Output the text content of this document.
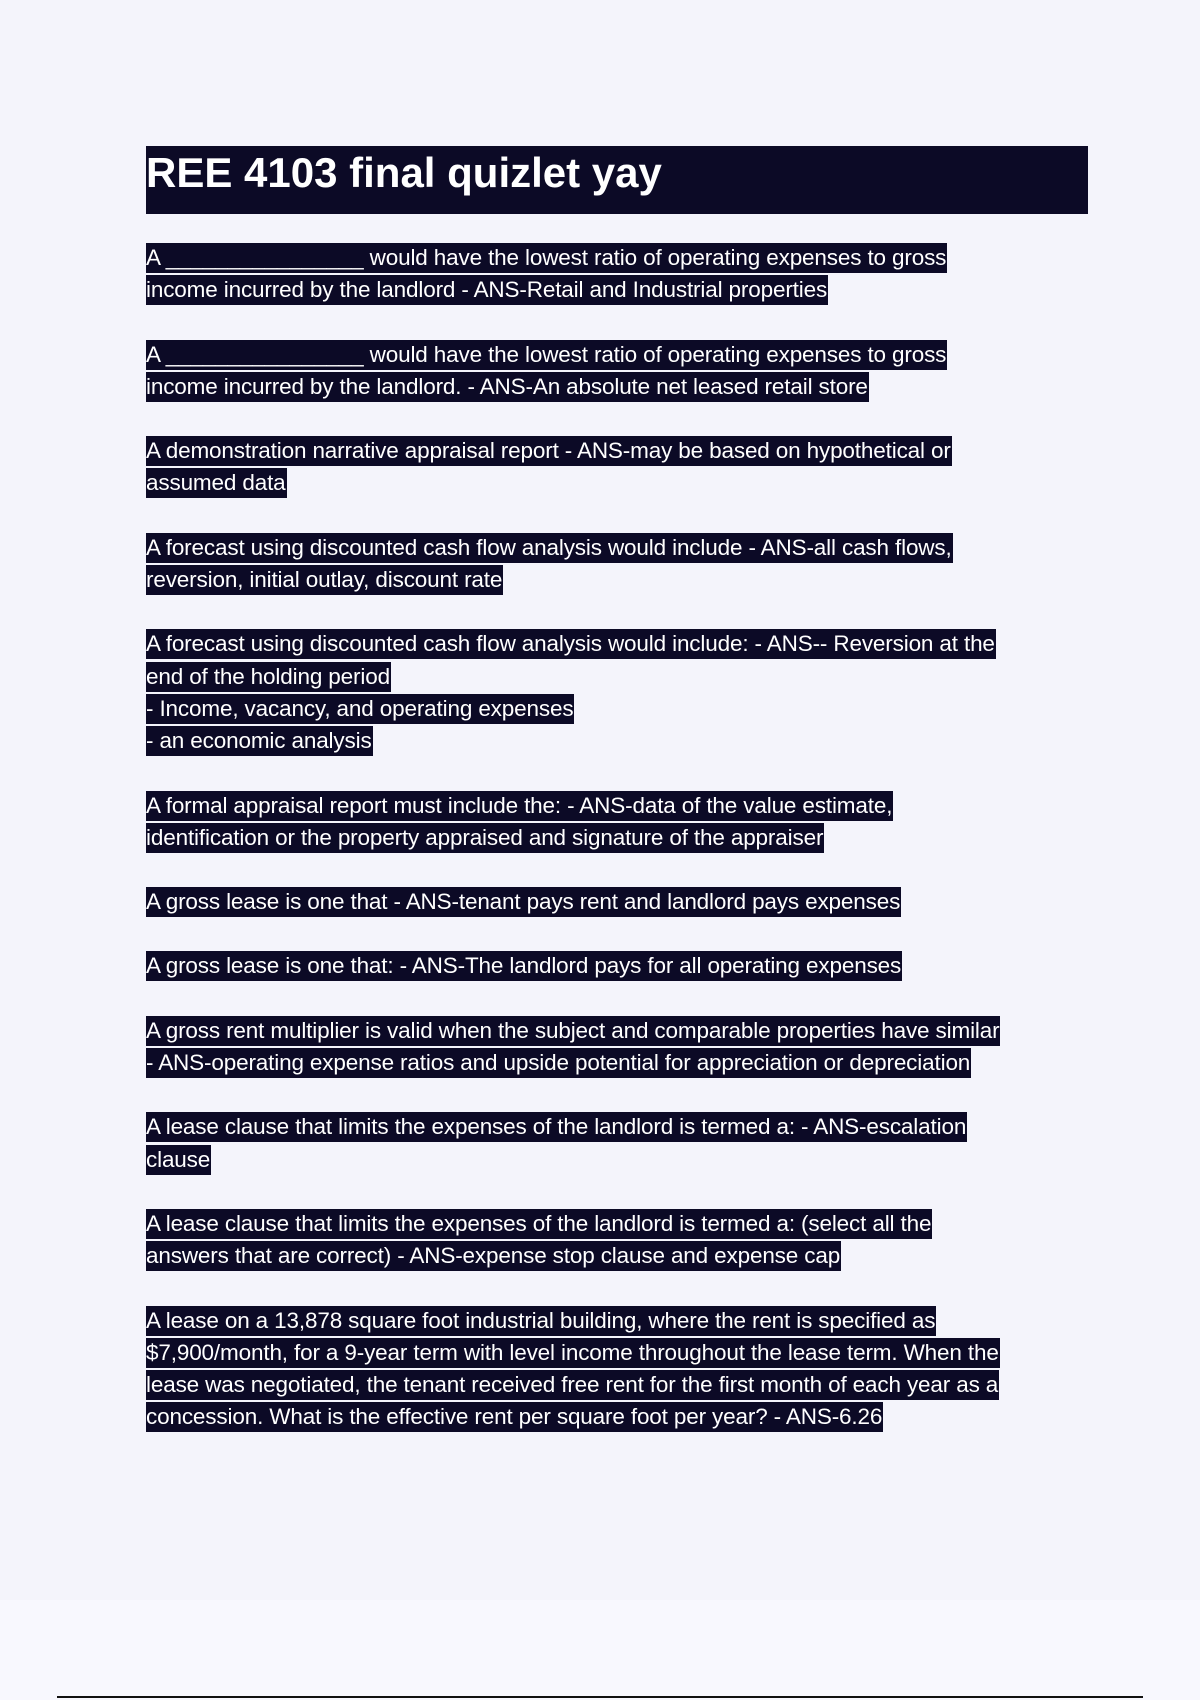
REE 4103 final quizlet yay
A ________________ would have the lowest ratio of operating expenses to gross
income incurred by the landlord - ANS-Retail and Industrial properties
A ________________ would have the lowest ratio of operating expenses to gross
income incurred by the landlord. - ANS-An absolute net leased retail store
A demonstration narrative appraisal report - ANS-may be based on hypothetical or
assumed data
A forecast using discounted cash flow analysis would include - ANS-all cash flows,
reversion, initial outlay, discount rate
A forecast using discounted cash flow analysis would include: - ANS-- Reversion at the
end of the holding period
- Income, vacancy, and operating expenses
- an economic analysis
A formal appraisal report must include the: - ANS-data of the value estimate,
identification or the property appraised and signature of the appraiser
A gross lease is one that - ANS-tenant pays rent and landlord pays expenses
A gross lease is one that: - ANS-The landlord pays for all operating expenses
A gross rent multiplier is valid when the subject and comparable properties have similar
- ANS-operating expense ratios and upside potential for appreciation or depreciation
A lease clause that limits the expenses of the landlord is termed a: - ANS-escalation
clause
A lease clause that limits the expenses of the landlord is termed a: (select all the
answers that are correct) - ANS-expense stop clause and expense cap
A lease on a 13,878 square foot industrial building, where the rent is specified as
$7,900/month, for a 9-year term with level income throughout the lease term. When the
lease was negotiated, the tenant received free rent for the first month of each year as a
concession. What is the effective rent per square foot per year? - ANS-6.26
